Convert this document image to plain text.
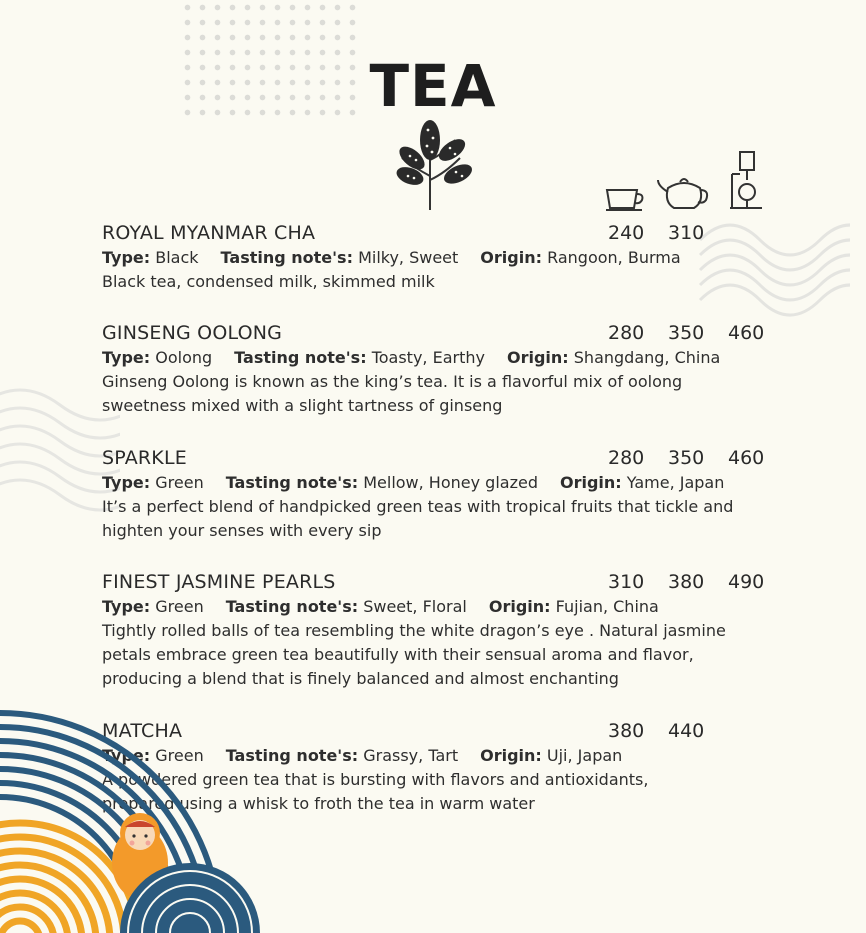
TEA
ROYAL MYANMAR CHA	240 310
Type: Black Tasting note's: Milky, Sweet Origin: Rangoon, Burma
Black tea, condensed milk, skimmed milk
GINSENG OOLONG	280 350 460
Type: Oolong Tasting note's: Toasty, Earthy Origin: Shangdang, China
Ginseng Oolong is known as the king’s tea. It is a flavorful mix of oolong
sweetness mixed with a slight tartness of ginseng
SPARKLE	280 350 460
Type: Green Tasting note's: Mellow, Honey glazed Origin: Yame, Japan
It’s a perfect blend of handpicked green teas with tropical fruits that tickle and
highten your senses with every sip
FINEST JASMINE PEARLS	310 380 490
Type: Green Tasting note's: Sweet, Floral Origin: Fujian, China
Tightly rolled balls of tea resembling the white dragon’s eye . Natural jasmine
petals embrace green tea beautifully with their sensual aroma and flavor,
producing a blend that is finely balanced and almost enchanting
MATCHA	380 440
Type: Green Tasting note's: Grassy, Tart Origin: Uji, Japan
A powdered green tea that is bursting with flavors and antioxidants,
prepared using a whisk to froth the tea in warm water
